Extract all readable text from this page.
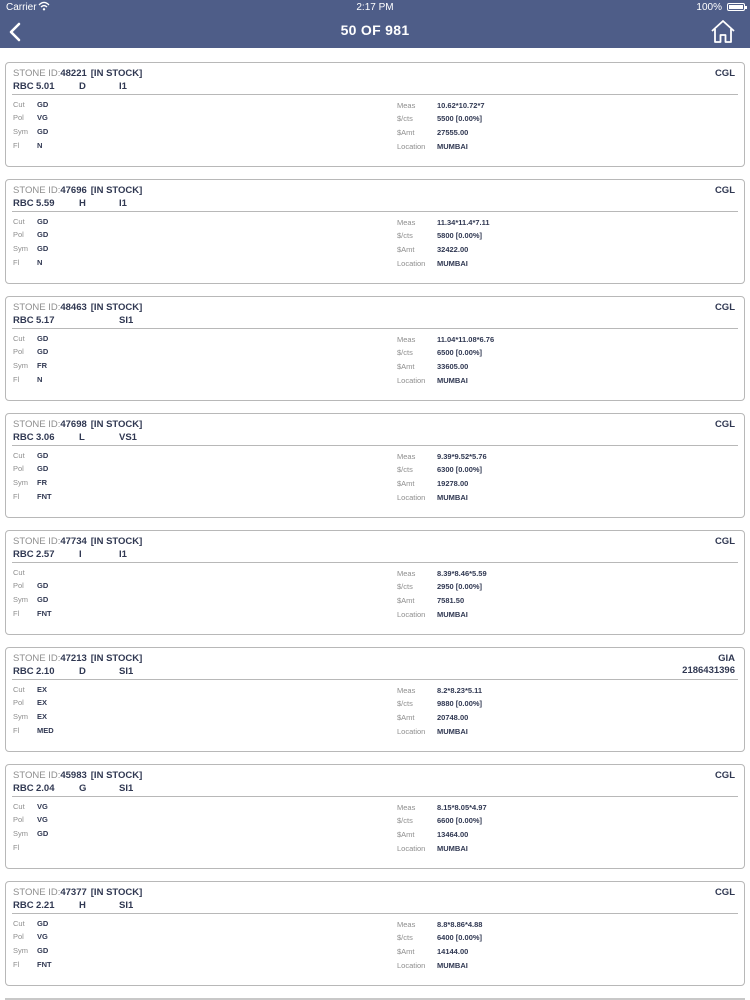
Carrier	2:17 PM	100%
50 OF 981
STONE ID:48221 [IN STOCK]
RBC 5.01	D	I1
CGL
Cut GD
Pol VG
Sym GD
Fl N
Meas	10.62*10.72*7
$/cts	5500 [0.00%]
$Amt	27555.00
Location MUMBAI
STONE ID:47696 [IN STOCK]
RBC 5.59	H	I1
CGL
Cut GD
Pol GD
Sym GD
Fl N
Meas	11.34*11.4*7.11
$/cts	5800 [0.00%]
$Amt	32422.00
Location MUMBAI
STONE ID:48463 [IN STOCK]
RBC 5.17	SI1
CGL
Cut GD
Pol GD
Sym FR
Fl N
Meas	11.04*11.08*6.76
$/cts	6500 [0.00%]
$Amt	33605.00
Location MUMBAI
STONE ID:47698 [IN STOCK]
RBC 3.06	L	VS1
CGL
Cut GD
Pol GD
Sym FR
Fl FNT
Meas	9.39*9.52*5.76
$/cts	6300 [0.00%]
$Amt	19278.00
Location MUMBAI
STONE ID:47734 [IN STOCK]
RBC 2.57	I	I1
CGL
Cut
Pol GD
Sym GD
Fl FNT
Meas	8.39*8.46*5.59
$/cts	2950 [0.00%]
$Amt	7581.50
Location MUMBAI
STONE ID:47213 [IN STOCK]
RBC 2.10	D	SI1
GIA
2186431396
Cut EX
Pol EX
Sym EX
Fl MED
Meas	8.2*8.23*5.11
$/cts	9880 [0.00%]
$Amt	20748.00
Location MUMBAI
STONE ID:45983 [IN STOCK]
RBC 2.04	G	SI1
CGL
Cut VG
Pol VG
Sym GD
Fl
Meas	8.15*8.05*4.97
$/cts	6600 [0.00%]
$Amt	13464.00
Location MUMBAI
STONE ID:47377 [IN STOCK]
RBC 2.21	H	SI1
CGL
Cut GD
Pol VG
Sym GD
Fl FNT
Meas	8.8*8.86*4.88
$/cts	6400 [0.00%]
$Amt	14144.00
Location MUMBAI
